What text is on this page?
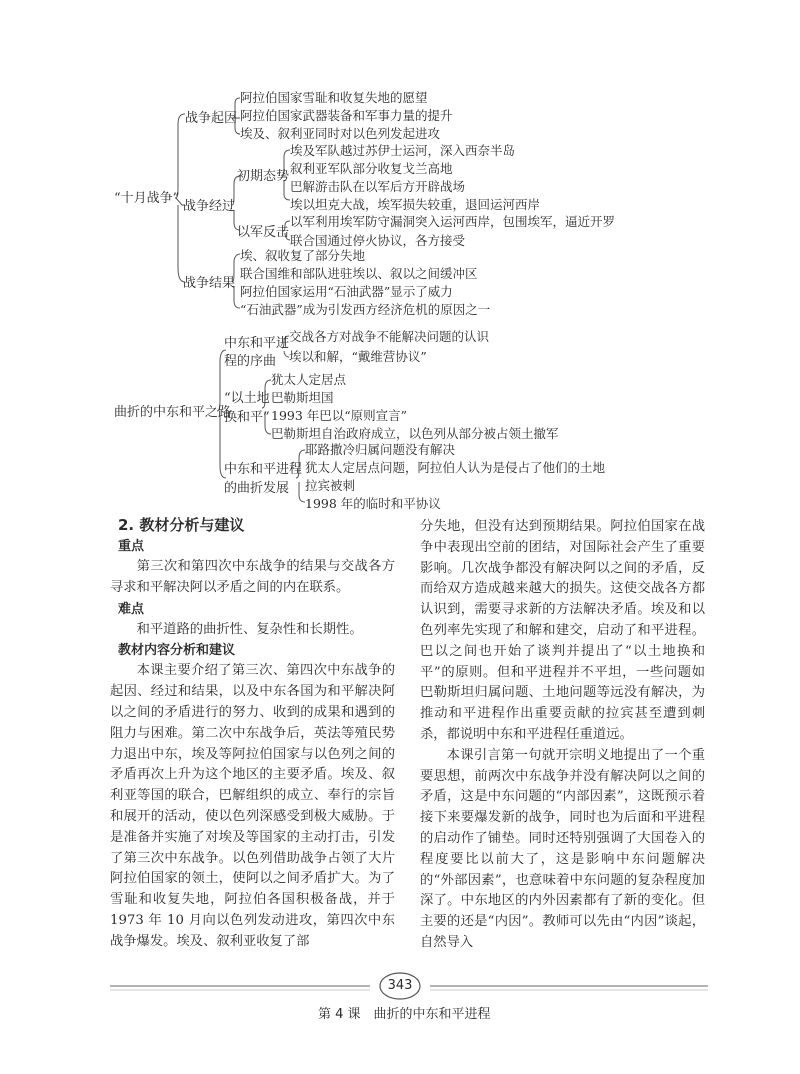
“十月战争”
战争起因
战争经过
战争结果
初期态势
以军反击
阿拉伯国家雪耻和收复失地的愿望
阿拉伯国家武器装备和军事力量的提升
埃及、叙利亚同时对以色列发起进攻
埃及军队越过苏伊士运河，深入西奈半岛
叙利亚军队部分收复戈兰高地
巴解游击队在以军后方开辟战场
埃以坦克大战，埃军损失较重，退回运河西岸
以军利用埃军防守漏洞突入运河西岸，包围埃军，逼近开罗
联合国通过停火协议，各方接受
埃、叙收复了部分失地
联合国维和部队进驻埃以、叙以之间缓冲区
阿拉伯国家运用“石油武器”显示了威力
“石油武器”成为引发西方经济危机的原因之一
曲折的中东和平之路
中东和平进
程的序曲
交战各方对战争不能解决问题的认识
埃以和解，“戴维营协议”
“以土地
换和平”
犹太人定居点
巴勒斯坦国
1993 年巴以“原则宣言”
巴勒斯坦自治政府成立，以色列从部分被占领土撤军
中东和平进程
的曲折发展
耶路撒冷归属问题没有解决
犹太人定居点问题，阿拉伯人认为是侵占了他们的土地
拉宾被刺
1998 年的临时和平协议
2. 教材分析与建议
重点

第三次和第四次中东战争的结果与交战各方寻求和平解决阿以矛盾之间的内在联系。

难点

和平道路的曲折性、复杂性和长期性。

教材内容分析和建议

本课主要介绍了第三次、第四次中东战争的起因、经过和结果，以及中东各国为和平解决阿以之间的矛盾进行的努力、收到的成果和遇到的阻力与困难。第二次中东战争后，英法等殖民势力退出中东，埃及等阿拉伯国家与以色列之间的矛盾再次上升为这个地区的主要矛盾。埃及、叙利亚等国的联合，巴解组织的成立、奉行的宗旨和展开的活动，使以色列深感受到极大威胁。于是准备并实施了对埃及等国家的主动打击，引发了第三次中东战争。以色列借助战争占领了大片阿拉伯国家的领土，使阿以之间矛盾扩大。为了雪耻和收复失地，阿拉伯各国积极备战，并于 1973 年 10 月向以色列发动进攻，第四次中东战争爆发。埃及、叙利亚收复了部

分失地，但没有达到预期结果。阿拉伯国家在战争中表现出空前的团结，对国际社会产生了重要影响。几次战争都没有解决阿以之间的矛盾，反而给双方造成越来越大的损失。这使交战各方都认识到，需要寻求新的方法解决矛盾。埃及和以色列率先实现了和解和建交，启动了和平进程。巴以之间也开始了谈判并提出了“以土地换和平”的原则。但和平进程并不平坦，一些问题如巴勒斯坦归属问题、土地问题等远没有解决，为推动和平进程作出重要贡献的拉宾甚至遭到刺杀，都说明中东和平进程任重道远。

本课引言第一句就开宗明义地提出了一个重要思想，前两次中东战争并没有解决阿以之间的矛盾，这是中东问题的“内部因素”，这既预示着接下来要爆发新的战争，同时也为后面和平进程的启动作了铺垫。同时还特别强调了大国卷入的程度要比以前大了，这是影响中东问题解决的“外部因素”，也意味着中东问题的复杂程度加深了。中东地区的内外因素都有了新的变化。但主要的还是“内因”。教师可以先由“内因”谈起，自然导入

343
第 4 课　曲折的中东和平进程
